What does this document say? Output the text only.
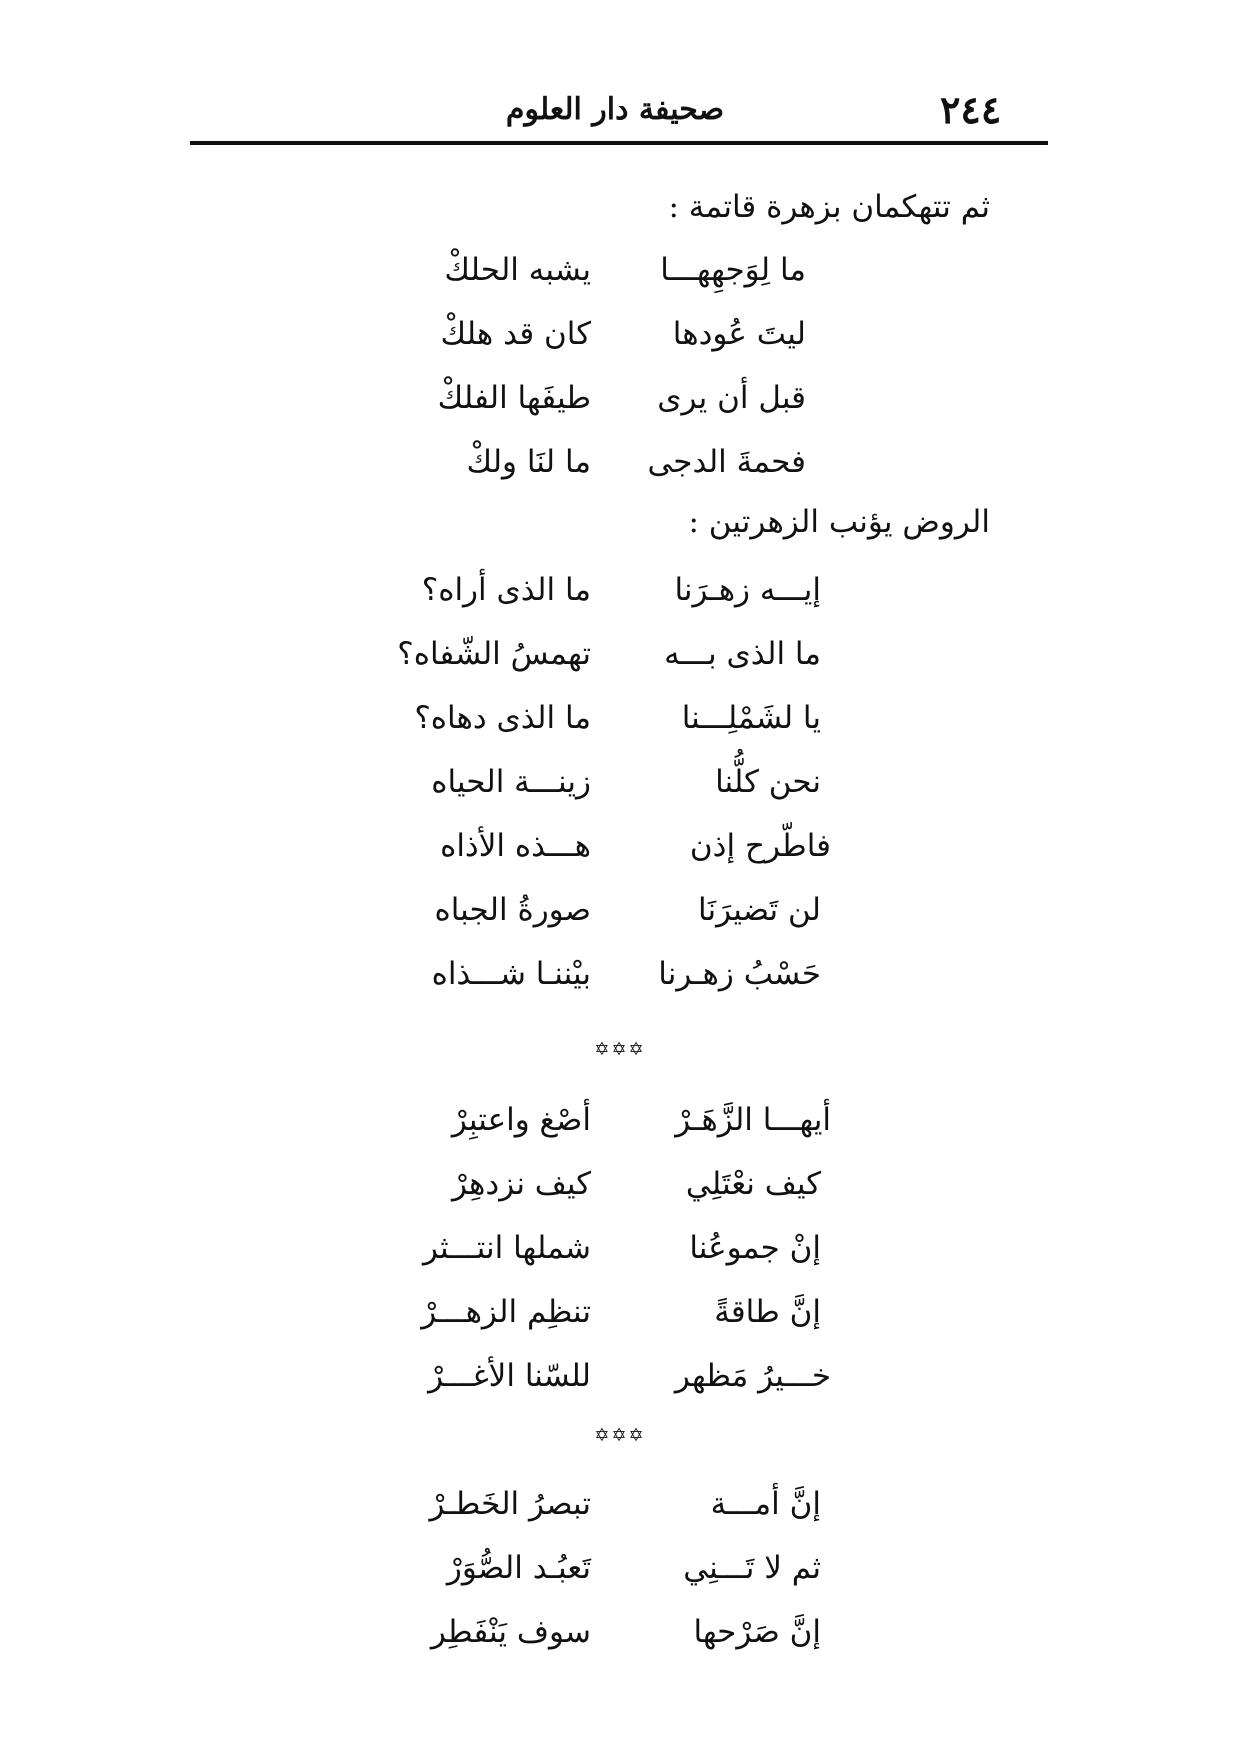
٢٤٤
صحيفة دار العلوم
ثم تتهكمان بزهرة قاتمة :
ما لِوَجهِهـــا
يشبه الحلكْ
ليتَ عُودها
كان قد هلكْ
قبل أن يرى
طيفَها الفلكْ
فحمةَ الدجى
ما لنَا ولكْ
الروض يؤنب الزهرتين :
إيـــه زهـرَنا
ما الذى أراه؟
ما الذى بـــه
تهمسُ الشّفاه؟
يا لشَمْلِـــنا
ما الذى دهاه؟
نحن كلُّنا
زينـــة الحياه
فاطّرح إذن
هـــذه الأذاه
لن تَضيرَنَا
صورةُ الجباه
حَسْبُ زهـرنا
بيْننـا شـــذاه
✡✡✡
أيهـــا الزَّهَـرْ
أصْغ واعتبِرْ
كيف نعْتَلِي
كيف نزدهِرْ
إنْ جموعُنا
شملها انتـــثر
إنَّ طاقةً
تنظِم الزهـــرْ
خـــيرُ مَظهر
للسّنا الأغـــرْ
✡✡✡
إنَّ أمـــة
تبصرُ الخَطـرْ
ثم لا تَـــنِي
تَعبُـد الصُّوَرْ
إنَّ صَرْحها
سوف يَنْفَطِر
